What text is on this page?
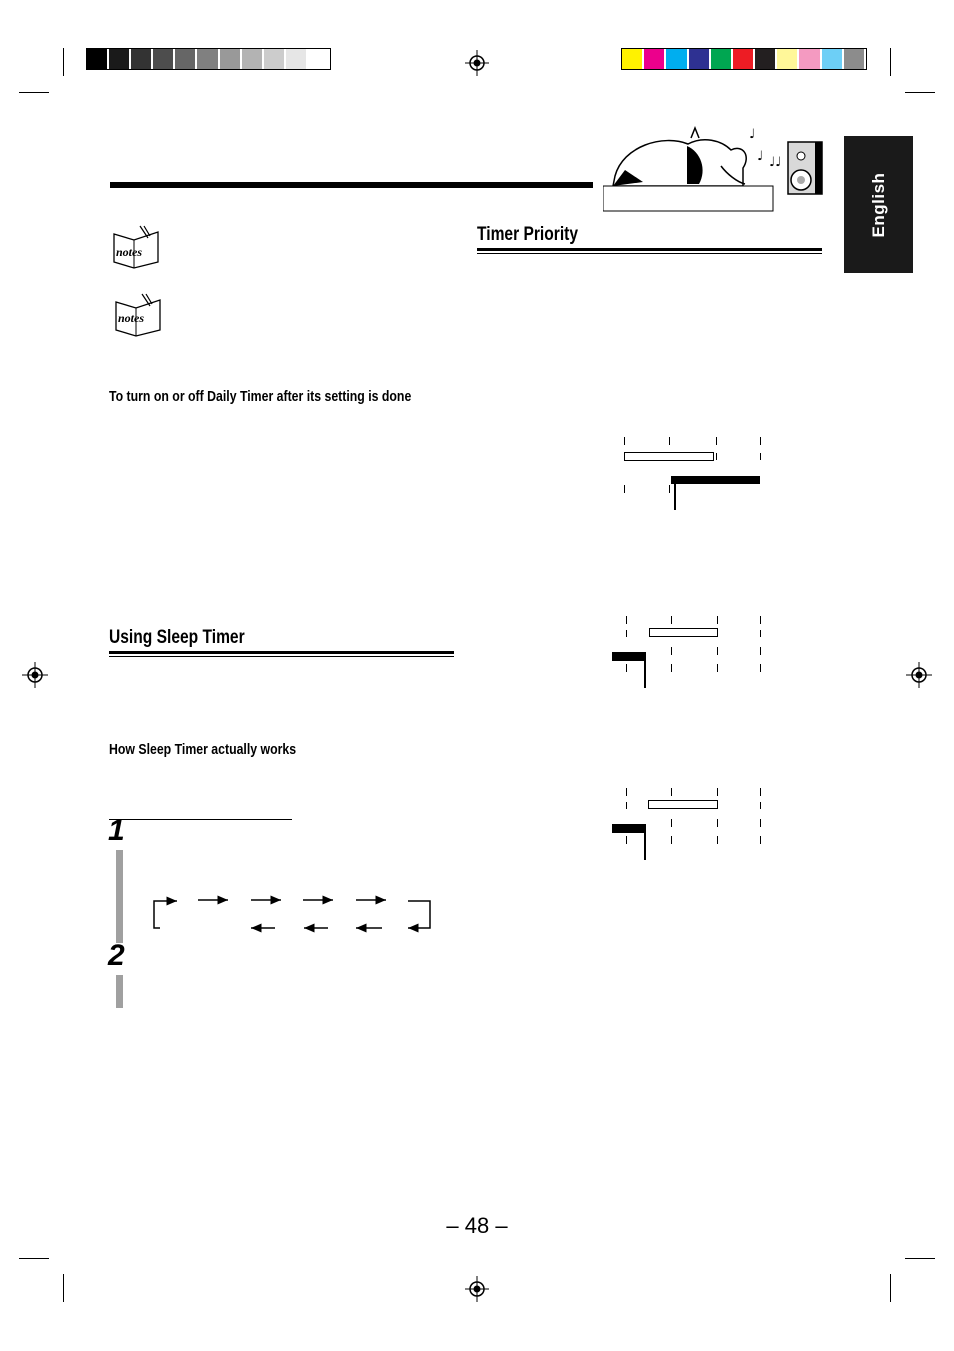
♩
♩ ♩♩
English
notes
notes
Timer Priority
To turn on or off Daily Timer after its setting is done
Using Sleep Timer
How Sleep Timer actually works
1
2
– 48 –
